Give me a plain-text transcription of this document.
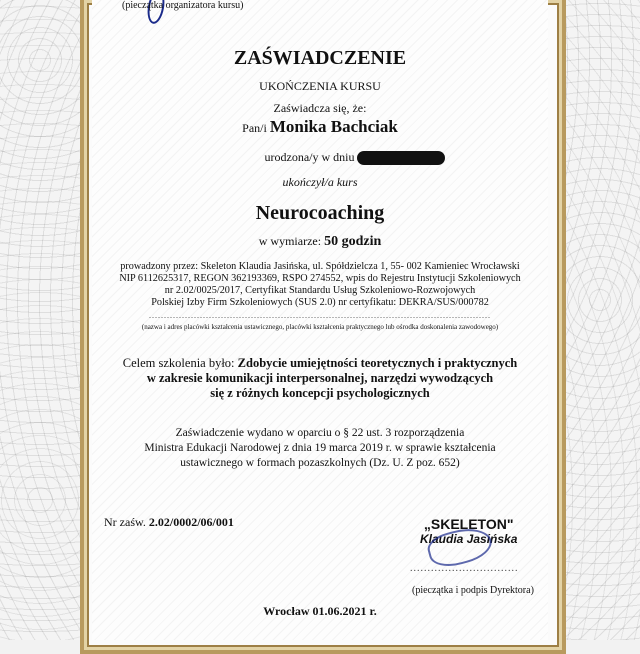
(pieczątka organizatora kursu)
ZAŚWIADCZENIE
UKOŃCZENIA KURSU
Zaświadcza się, że:
Pan/i Monika Bachciak
urodzona/y w dniu
ukończył/a kurs
Neurocoaching
w wymiarze: 50 godzin
prowadzony przez: Skeleton Klaudia Jasińska, ul. Spółdzielcza 1, 55- 002 Kamieniec Wrocławski
NIP 6112625317, REGON 362193369, RSPO 274552, wpis do Rejestru Instytucji Szkoleniowych
nr 2.02/0025/2017, Certyfikat Standardu Usług Szkoleniowo-Rozwojowych
Polskiej Izby Firm Szkoleniowych (SUS 2.0) nr certyfikatu: DEKRA/SUS/000782
..................................................................................................................
(nazwa i adres placówki kształcenia ustawicznego, placówki kształcenia praktycznego lub ośrodka doskonalenia zawodowego)
Celem szkolenia było: Zdobycie umiejętności teoretycznych i praktycznych
w zakresie komunikacji interpersonalnej, narzędzi wywodzących
się z różnych koncepcji psychologicznych
Zaświadczenie wydano w oparciu o § 22 ust. 3 rozporządzenia
Ministra Edukacji Narodowej z dnia 19 marca 2019 r. w sprawie kształcenia
ustawicznego w formach pozaszkolnych (Dz. U. Z poz. 652)
Nr zaśw. 2.02/0002/06/001	„SKELETON"
Klaudia Jasińska
...............................
(pieczątka i podpis Dyrektora)
Wrocław 01.06.2021 r.
